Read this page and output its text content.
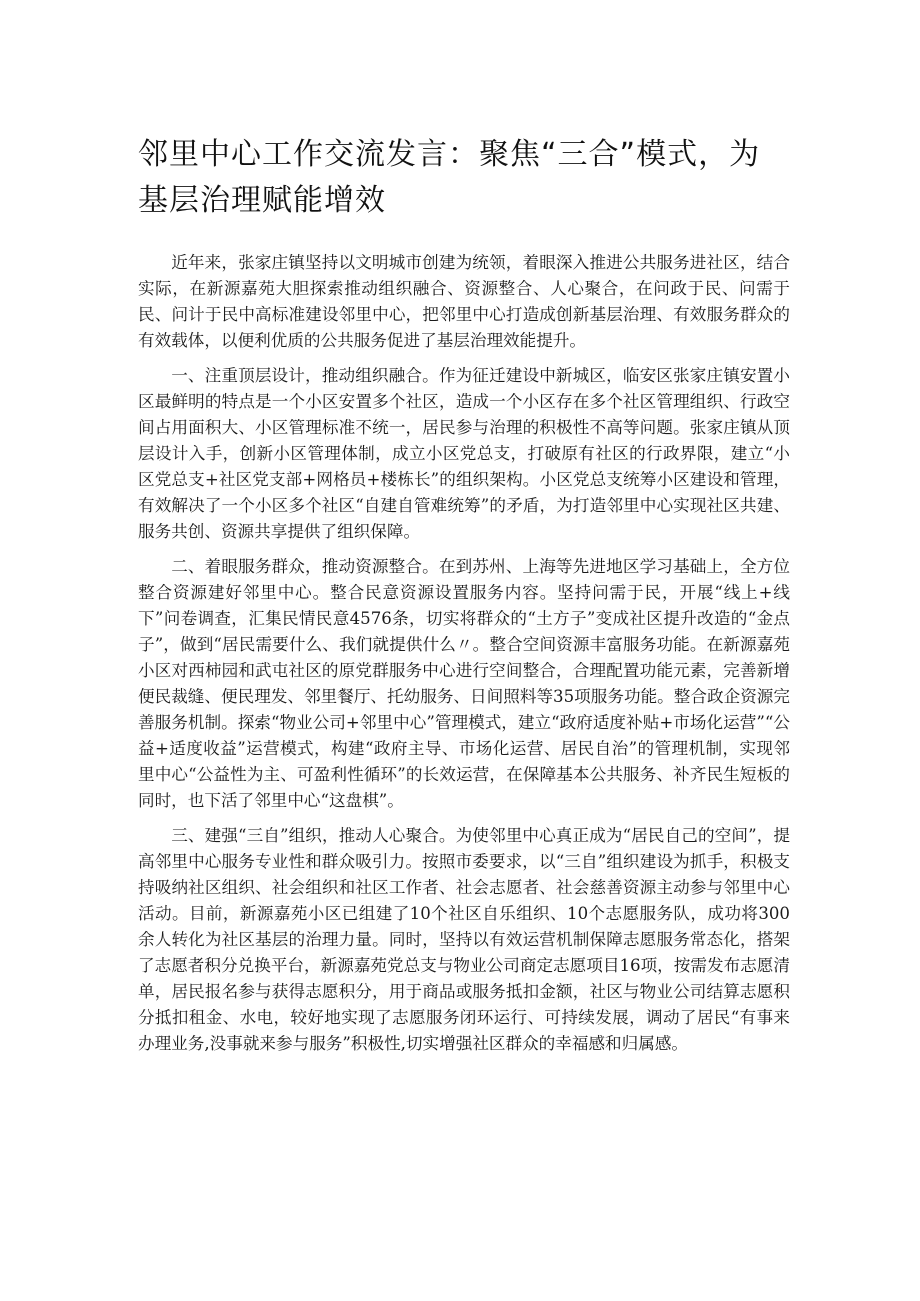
邻里中心工作交流发言：聚焦“三合”模式，为基层治理赋能增效

近年来，张家庄镇坚持以文明城市创建为统领，着眼深入推进公共服务进社区，结合实际，在新源嘉苑大胆探索推动组织融合、资源整合、人心聚合，在问政于民、问需于民、问计于民中高标准建设邻里中心，把邻里中心打造成创新基层治理、有效服务群众的有效载体，以便利优质的公共服务促进了基层治理效能提升。

一、注重顶层设计，推动组织融合。作为征迁建设中新城区，临安区张家庄镇安置小区最鲜明的特点是一个小区安置多个社区，造成一个小区存在多个社区管理组织、行政空间占用面积大、小区管理标准不统一，居民参与治理的积极性不高等问题。张家庄镇从顶层设计入手，创新小区管理体制，成立小区党总支，打破原有社区的行政界限，建立“小区党总支+社区党支部+网格员+楼栋长”的组织架构。小区党总支统筹小区建设和管理，有效解决了一个小区多个社区“自建自管难统筹”的矛盾，为打造邻里中心实现社区共建、服务共创、资源共享提供了组织保障。

二、着眼服务群众，推动资源整合。在到苏州、上海等先进地区学习基础上，全方位整合资源建好邻里中心。整合民意资源设置服务内容。坚持问需于民，开展“线上+线下”问卷调查，汇集民情民意4576条，切实将群众的“土方子”变成社区提升改造的“金点子”，做到“居民需要什么、我们就提供什么〃。整合空间资源丰富服务功能。在新源嘉苑小区对西柿园和武屯社区的原党群服务中心进行空间整合，合理配置功能元素，完善新增便民裁缝、便民理发、邻里餐厅、托幼服务、日间照料等35项服务功能。整合政企资源完善服务机制。探索“物业公司+邻里中心”管理模式，建立“政府适度补贴+市场化运营”“公益+适度收益”运营模式，构建“政府主导、市场化运营、居民自治”的管理机制，实现邻里中心“公益性为主、可盈利性循环”的长效运营，在保障基本公共服务、补齐民生短板的同时，也下活了邻里中心“这盘棋”。

三、建强“三自”组织，推动人心聚合。为使邻里中心真正成为“居民自己的空间”，提高邻里中心服务专业性和群众吸引力。按照市委要求，以“三自”组织建设为抓手，积极支持吸纳社区组织、社会组织和社区工作者、社会志愿者、社会慈善资源主动参与邻里中心活动。目前，新源嘉苑小区已组建了10个社区自乐组织、10个志愿服务队，成功将300余人转化为社区基层的治理力量。同时，坚持以有效运营机制保障志愿服务常态化，搭架了志愿者积分兑换平台，新源嘉苑党总支与物业公司商定志愿项目16项，按需发布志愿清单，居民报名参与获得志愿积分，用于商品或服务抵扣金额，社区与物业公司结算志愿积分抵扣租金、水电，较好地实现了志愿服务闭环运行、可持续发展，调动了居民“有事来办理业务,没事就来参与服务”积极性,切实增强社区群众的幸福感和归属感。
